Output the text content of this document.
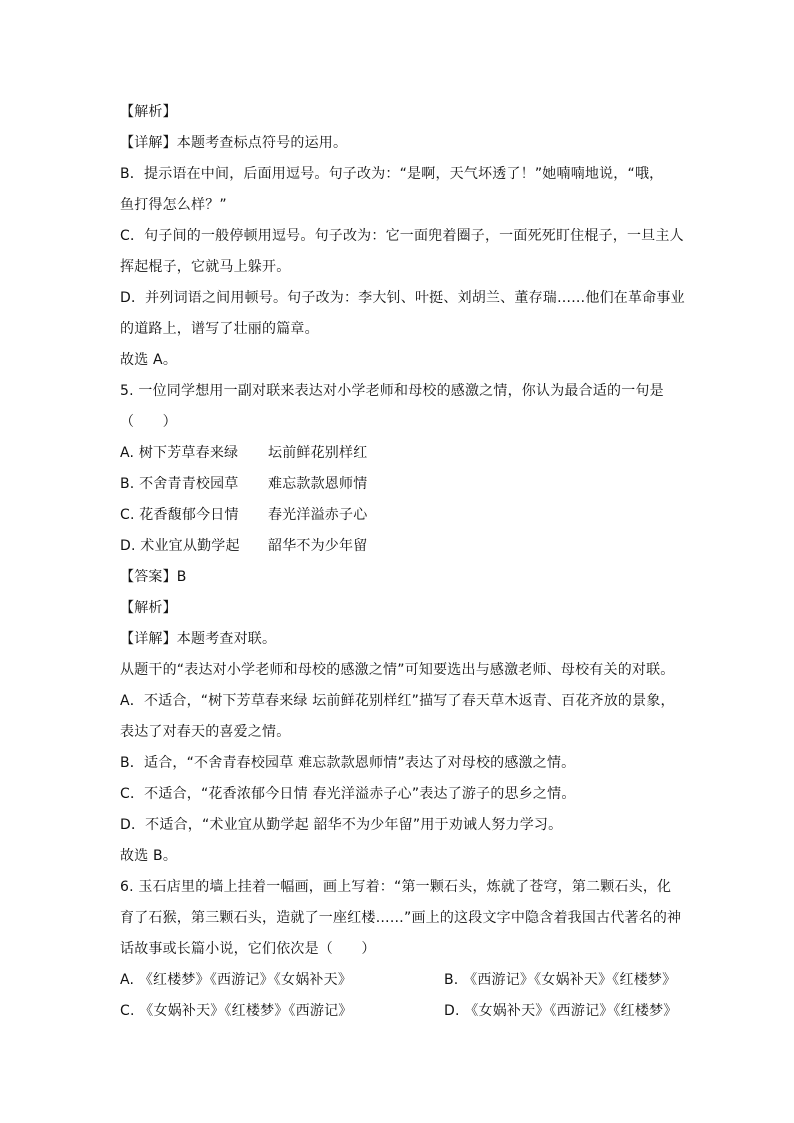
【解析】
【详解】本题考查标点符号的运用。
B．提示语在中间，后面用逗号。句子改为：“是啊，天气坏透了！”她喃喃地说，“哦，
鱼打得怎么样？”
C．句子间的一般停顿用逗号。句子改为：它一面兜着圈子，一面死死盯住棍子，一旦主人
挥起棍子，它就马上躲开。
D．并列词语之间用顿号。句子改为：李大钊、叶挺、刘胡兰、董存瑞……他们在革命事业
的道路上，谱写了壮丽的篇章。
故选 A。
5. 一位同学想用一副对联来表达对小学老师和母校的感激之情，你认为最合适的一句是
（　　）
A. 树下芳草春来绿	坛前鲜花别样红
B. 不舍青青校园草	难忘款款恩师情
C. 花香馥郁今日情	春光洋溢赤子心
D. 术业宜从勤学起	韶华不为少年留
【答案】B
【解析】
【详解】本题考查对联。
从题干的“表达对小学老师和母校的感激之情”可知要选出与感激老师、母校有关的对联。
A．不适合，“树下芳草春来绿 坛前鲜花别样红”描写了春天草木返青、百花齐放的景象，
表达了对春天的喜爱之情。
B．适合，“不舍青春校园草 难忘款款恩师情”表达了对母校的感激之情。
C．不适合，“花香浓郁今日情 春光洋溢赤子心”表达了游子的思乡之情。
D．不适合，“术业宜从勤学起 韶华不为少年留”用于劝诫人努力学习。
故选 B。
6. 玉石店里的墙上挂着一幅画，画上写着：“第一颗石头，炼就了苍穹，第二颗石头，化
育了石猴，第三颗石头，造就了一座红楼……”画上的这段文字中隐含着我国古代著名的神
话故事或长篇小说，它们依次是（　　）
A. 《红楼梦》《西游记》《女娲补天》	B. 《西游记》《女娲补天》《红楼梦》
C. 《女娲补天》《红楼梦》《西游记》	D. 《女娲补天》《西游记》《红楼梦》
